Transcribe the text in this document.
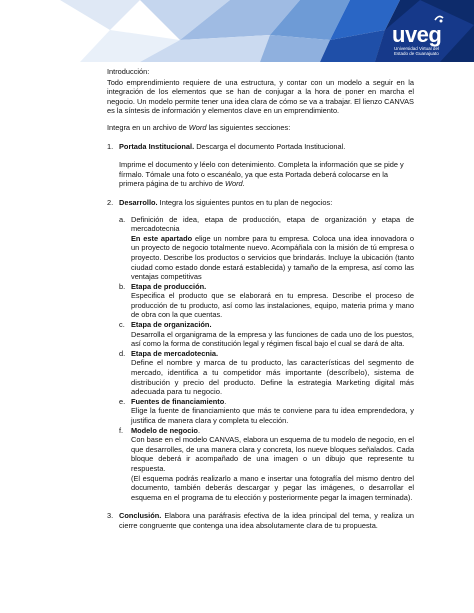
uveg
Universidad Virtual del Estado de Guanajuato

Introducción:

Todo emprendimiento requiere de una estructura, y contar con un modelo a seguir en la integración de los elementos que se han de conjugar a la hora de poner en marcha el negocio. Un modelo permite tener una idea clara de cómo se va a trabajar. El lienzo CANVAS es la síntesis de información y elementos clave en un emprendimiento.

Integra en un archivo de Word las siguientes secciones:

1. Portada Institucional. Descarga el documento Portada Institucional.

Imprime el documento y léelo con detenimiento. Completa la información que se pide y fírmalo. Tómale una foto o escanéalo, ya que esta Portada deberá colocarse en la primera página de tu archivo de Word.

2. Desarrollo. Integra los siguientes puntos en tu plan de negocios:

a. Definición de idea, etapa de producción, etapa de organización y etapa de mercadotecnia

En este apartado elige un nombre para tu empresa. Coloca una idea innovadora o un proyecto de negocio totalmente nuevo. Acompáñala con la misión de tú empresa o proyecto. Describe los productos o servicios que brindarás. Incluye la ubicación (tanto ciudad como estado donde estará establecida) y tamaño de la empresa, así como las ventajas competitivas

b. Etapa de producción.

Especifica el producto que se elaborará en tu empresa. Describe el proceso de producción de tu producto, así como las instalaciones, equipo, materia prima y mano de obra con la que cuentas.

c. Etapa de organización.

Desarrolla el organigrama de la empresa y las funciones de cada uno de los puestos, así como la forma de constitución legal y régimen fiscal bajo el cual se dará de alta.

d. Etapa de mercadotecnia.

Define el nombre y marca de tu producto, las características del segmento de mercado, identifica a tu competidor más importante (descríbelo), sistema de distribución y precio del producto. Define la estrategia Marketing digital más adecuada para tu negocio.

e. Fuentes de financiamiento.

Elige la fuente de financiamiento que más te conviene para tu idea emprendedora, y justifica de manera clara y completa tu elección.

f. Modelo de negocio.

Con base en el modelo CANVAS, elabora un esquema de tu modelo de negocio, en el que desarrolles, de una manera clara y concreta, los nueve bloques señalados. Cada bloque deberá ir acompañado de una imagen o un dibujo que represente tu respuesta.

(El esquema podrás realizarlo a mano e insertar una fotografía del mismo dentro del documento, también deberás descargar y pegar las imágenes, o desarrollar el esquema en el programa de tu elección y posteriormente pegar la imagen terminada).

3. Conclusión. Elabora una paráfrasis efectiva de la idea principal del tema, y realiza un cierre congruente que contenga una idea absolutamente clara de tu propuesta.
